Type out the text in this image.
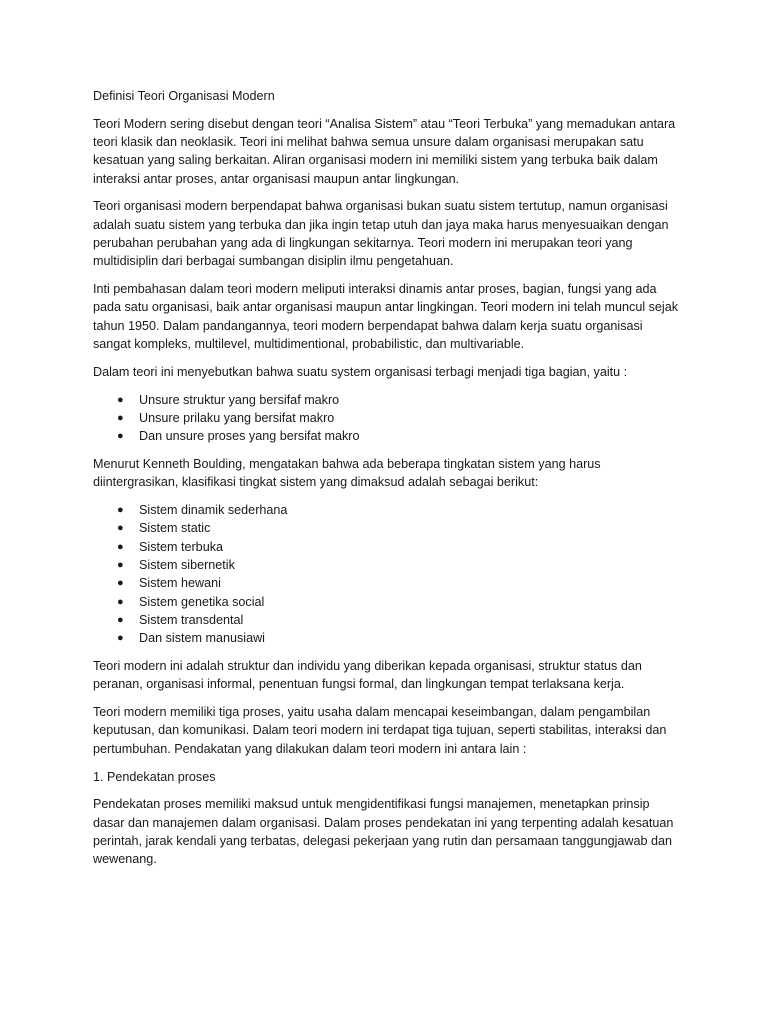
Definisi Teori Organisasi Modern

Teori Modern sering disebut dengan teori “Analisa Sistem” atau “Teori Terbuka” yang memadukan antara teori klasik dan neoklasik. Teori ini melihat bahwa semua unsure dalam organisasi merupakan satu kesatuan yang saling berkaitan. Aliran organisasi modern ini memiliki sistem yang terbuka baik dalam interaksi antar proses, antar organisasi maupun antar lingkungan.

Teori organisasi modern berpendapat bahwa organisasi bukan suatu sistem tertutup, namun organisasi adalah suatu sistem yang terbuka dan jika ingin tetap utuh dan jaya maka harus menyesuaikan dengan perubahan perubahan yang ada di lingkungan sekitarnya. Teori modern ini merupakan teori yang multidisiplin dari berbagai sumbangan disiplin ilmu pengetahuan.

Inti pembahasan dalam teori modern meliputi interaksi dinamis antar proses, bagian, fungsi yang ada pada satu organisasi, baik antar organisasi maupun antar lingkingan. Teori modern ini telah muncul sejak tahun 1950. Dalam pandangannya, teori modern berpendapat bahwa dalam kerja suatu organisasi sangat kompleks, multilevel, multidimentional, probabilistic, dan multivariable.

Dalam teori ini menyebutkan bahwa suatu system organisasi terbagi menjadi tiga bagian, yaitu :

● Unsure struktur yang bersifaf makro
● Unsure prilaku yang bersifat makro
● Dan unsure proses yang bersifat makro

Menurut Kenneth Boulding, mengatakan bahwa ada beberapa tingkatan sistem yang harus diintergrasikan, klasifikasi tingkat sistem yang dimaksud adalah sebagai berikut:

● Sistem dinamik sederhana
● Sistem static
● Sistem terbuka
● Sistem sibernetik
● Sistem hewani
● Sistem genetika social
● Sistem transdental
● Dan sistem manusiawi

Teori modern ini adalah struktur dan individu yang diberikan kepada organisasi, struktur status dan peranan, organisasi informal, penentuan fungsi formal, dan lingkungan tempat terlaksana kerja.

Teori modern memiliki tiga proses, yaitu usaha dalam mencapai keseimbangan, dalam pengambilan keputusan, dan komunikasi. Dalam teori modern ini terdapat tiga tujuan, seperti stabilitas, interaksi dan pertumbuhan. Pendakatan yang dilakukan dalam teori modern ini antara lain :

1. Pendekatan proses

Pendekatan proses memiliki maksud untuk mengidentifikasi fungsi manajemen, menetapkan prinsip dasar dan manajemen dalam organisasi. Dalam proses pendekatan ini yang terpenting adalah kesatuan perintah, jarak kendali yang terbatas, delegasi pekerjaan yang rutin dan persamaan tanggungjawab dan wewenang.
